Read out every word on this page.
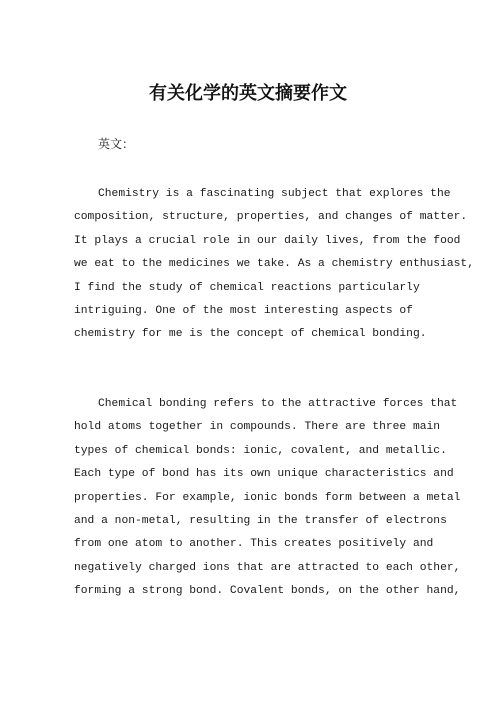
有关化学的英文摘要作文

英文：

Chemistry is a fascinating subject that explores the
composition, structure, properties, and changes of matter.
It plays a crucial role in our daily lives, from the food
we eat to the medicines we take. As a chemistry enthusiast,
I find the study of chemical reactions particularly
intriguing. One of the most interesting aspects of
chemistry for me is the concept of chemical bonding.
Chemical bonding refers to the attractive forces that
hold atoms together in compounds. There are three main
types of chemical bonds: ionic, covalent, and metallic.
Each type of bond has its own unique characteristics and
properties. For example, ionic bonds form between a metal
and a non-metal, resulting in the transfer of electrons
from one atom to another. This creates positively and
negatively charged ions that are attracted to each other,
forming a strong bond. Covalent bonds, on the other hand,
